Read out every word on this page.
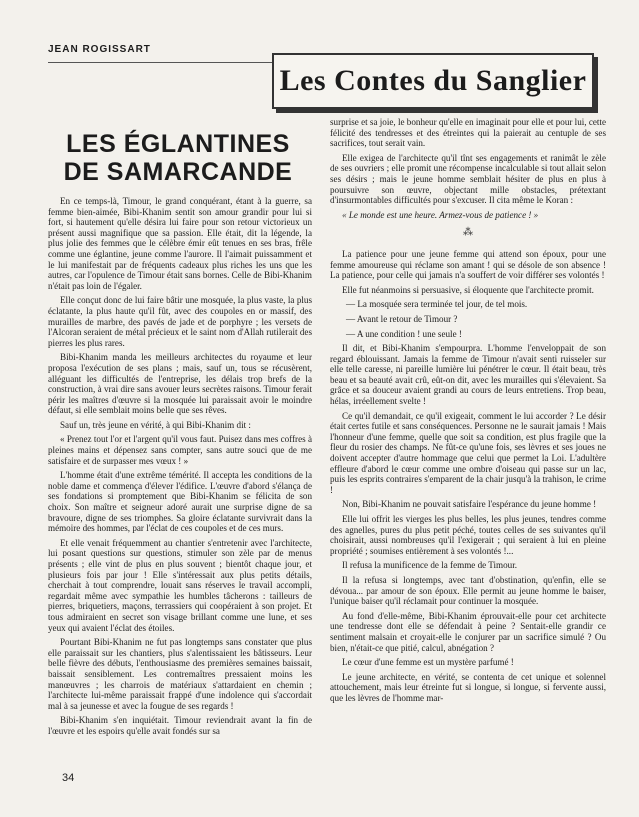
JEAN ROGISSART
Les Contes du Sanglier
LES ÉGLANTINES
DE SAMARCANDE

En ce temps-là, Timour, le grand conquérant, étant à la guerre, sa femme bien-aimée, Bibi-Khanim sentit son amour grandir pour lui si fort, si hautement qu'elle désira lui faire pour son retour victorieux un présent aussi magnifique que sa passion. Elle était, dit la légende, la plus jolie des femmes que le célèbre émir eût tenues en ses bras, frêle comme une églantine, jeune comme l'aurore. Il l'aimait puissamment et le lui manifestait par de fréquents cadeaux plus riches les uns que les autres, car l'opulence de Timour était sans bornes. Celle de Bibi-Khanim n'était pas loin de l'égaler.

Elle conçut donc de lui faire bâtir une mosquée, la plus vaste, la plus éclatante, la plus haute qu'il fût, avec des coupoles en or massif, des murailles de marbre, des pavés de jade et de porphyre ; les versets de l'Alcoran seraient de métal précieux et le saint nom d'Allah rutilerait des pierres les plus rares.

Bibi-Khanim manda les meilleurs architectes du royaume et leur proposa l'exécution de ses plans ; mais, sauf un, tous se récusèrent, alléguant les difficultés de l'entreprise, les délais trop brefs de la construction, à vrai dire sans avouer leurs secrètes raisons. Timour ferait périr les maîtres d'œuvre si la mosquée lui paraissait avoir le moindre défaut, si elle semblait moins belle que ses rêves.

Sauf un, très jeune en vérité, à qui Bibi-Khanim dit :

« Prenez tout l'or et l'argent qu'il vous faut. Puisez dans mes coffres à pleines mains et dépensez sans compter, sans autre souci que de me satisfaire et de surpasser mes vœux ! »

L'homme était d'une extrême témérité. Il accepta les conditions de la noble dame et commença d'élever l'édifice. L'œuvre d'abord s'élança de ses fondations si promptement que Bibi-Khanim se félicita de son choix. Son maître et seigneur adoré aurait une surprise digne de sa bravoure, digne de ses triomphes. Sa gloire éclatante survivrait dans la mémoire des hommes, par l'éclat de ces coupoles et de ces murs.

Et elle venait fréquemment au chantier s'entretenir avec l'architecte, lui posant questions sur questions, stimuler son zèle par de menus présents ; elle vint de plus en plus souvent ; bientôt chaque jour, et plusieurs fois par jour ! Elle s'intéressait aux plus petits détails, cherchait à tout comprendre, louait sans réserves le travail accompli, regardait même avec sympathie les humbles tâcherons : tailleurs de pierres, briquetiers, maçons, terrassiers qui coopéraient à son projet. Et tous admiraient en secret son visage brillant comme une lune, et ses yeux qui avaient l'éclat des étoiles.

Pourtant Bibi-Khanim ne fut pas longtemps sans constater que plus elle paraissait sur les chantiers, plus s'alentissaient les bâtisseurs. Leur belle fièvre des débuts, l'enthousiasme des premières semaines baissait, baissait sensiblement. Les contremaîtres pressaient moins les manœuvres ; les charrois de matériaux s'attardaient en chemin ; l'architecte lui-même paraissait frappé d'une indolence qui s'accordait mal à sa jeunesse et avec la fougue de ses regards !

Bibi-Khanim s'en inquiétait. Timour reviendrait avant la fin de l'œuvre et les espoirs qu'elle avait fondés sur sa

surprise et sa joie, le bonheur qu'elle en imaginait pour elle et pour lui, cette félicité des tendresses et des étreintes qui la paierait au centuple de ses sacrifices, tout serait vain.

Elle exigea de l'architecte qu'il tînt ses engagements et ranimât le zèle de ses ouvriers ; elle promit une récompense incalculable si tout allait selon ses désirs ; mais le jeune homme semblait hésiter de plus en plus à poursuivre son œuvre, objectant mille obstacles, prétextant d'insurmontables difficultés pour s'excuser. Il cita même le Koran :

« Le monde est une heure. Armez-vous de patience ! »

⁂

La patience pour une jeune femme qui attend son époux, pour une femme amoureuse qui réclame son amant ! qui se désole de son absence ! La patience, pour celle qui jamais n'a souffert de voir différer ses volontés !

Elle fut néanmoins si persuasive, si éloquente que l'architecte promit.

— La mosquée sera terminée tel jour, de tel mois.

— Avant le retour de Timour ?

— A une condition ! une seule !

Il dit, et Bibi-Khanim s'empourpra. L'homme l'enveloppait de son regard éblouissant. Jamais la femme de Timour n'avait senti ruisseler sur elle telle caresse, ni pareille lumière lui pénétrer le cœur. Il était beau, très beau et sa beauté avait crû, eût-on dit, avec les murailles qui s'élevaient. Sa grâce et sa douceur avaient grandi au cours de leurs entretiens. Trop beau, hélas, irréellement svelte !

Ce qu'il demandait, ce qu'il exigeait, comment le lui accorder ? Le désir était certes futile et sans conséquences. Personne ne le saurait jamais ! Mais l'honneur d'une femme, quelle que soit sa condition, est plus fragile que la fleur du rosier des champs. Ne fût-ce qu'une fois, ses lèvres et ses joues ne doivent accepter d'autre hommage que celui que permet la Loi. L'adultère effleure d'abord le cœur comme une ombre d'oiseau qui passe sur un lac, puis les esprits contraires s'emparent de la chair jusqu'à la trahison, le crime !

Non, Bibi-Khanim ne pouvait satisfaire l'espérance du jeune homme !

Elle lui offrit les vierges les plus belles, les plus jeunes, tendres comme des agnelles, pures du plus petit péché, toutes celles de ses suivantes qu'il choisirait, aussi nombreuses qu'il l'exigerait ; qui seraient à lui en pleine propriété ; soumises entièrement à ses volontés !...

Il refusa la munificence de la femme de Timour.

Il la refusa si longtemps, avec tant d'obstination, qu'enfin, elle se dévoua... par amour de son époux. Elle permit au jeune homme le baiser, l'unique baiser qu'il réclamait pour continuer la mosquée.

Au fond d'elle-même, Bibi-Khanim éprouvait-elle pour cet architecte une tendresse dont elle se défendait à peine ? Sentait-elle grandir ce sentiment malsain et croyait-elle le conjurer par un sacrifice simulé ? Ou bien, n'était-ce que pitié, calcul, abnégation ?

Le cœur d'une femme est un mystère parfumé !

Le jeune architecte, en vérité, se contenta de cet unique et solennel attouchement, mais leur étreinte fut si longue, si longue, si fervente aussi, que les lèvres de l'homme mar-

34
